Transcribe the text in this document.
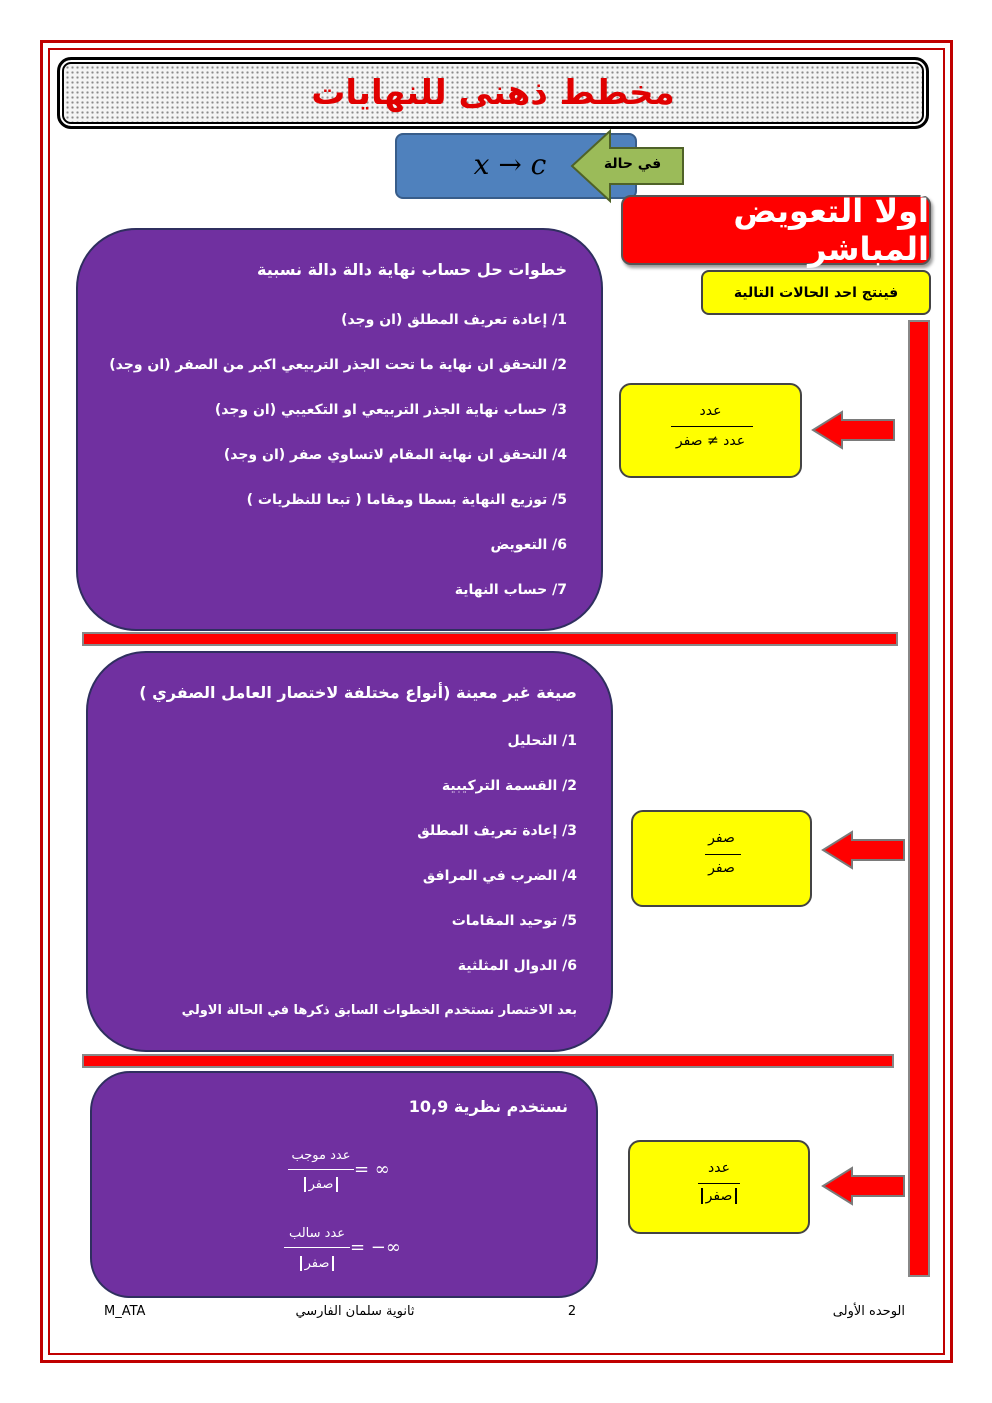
مخطط ذهنى للنهايات
x → c	في حالة
أولا التعويض المباشر
فينتج احد الحالات التالية
عدد
عدد ≠ صفر
خطوات حل حساب نهاية دالة دالة نسبية
1/ إعادة تعريف المطلق (ان وجد)
2/ التحقق ان نهاية ما تحت الجذر التربيعي اكبر من الصفر (ان وجد)
3/ حساب نهاية الجذر التربيعي او التكعيبي (ان وجد)
4/ التحقق ان نهاية المقام لاتساوي صفر (ان وجد)
5/ توزيع النهاية بسطا ومقاما ( تبعا للنظريات )
6/ التعويض
7/ حساب النهاية
صفر
صفر
صيغة غير معينة (أنواع مختلفة لاختصار العامل الصفري )
1/ التحليل
2/ القسمة التركيبية
3/ إعادة تعريف المطلق
4/ الضرب في المرافق
5/ توحيد المقامات
6/ الدوال المثلثية
بعد الاختصار نستخدم الخطوات السابق ذكرها في الحالة الاولي
عدد
صفر
نستخدم نظرية 10,9
عدد موجب
صفر
= ∞
عدد سالب
صفر
= −∞
الوحده الأولى
2
ثانوية سلمان الفارسي
M_ATA
